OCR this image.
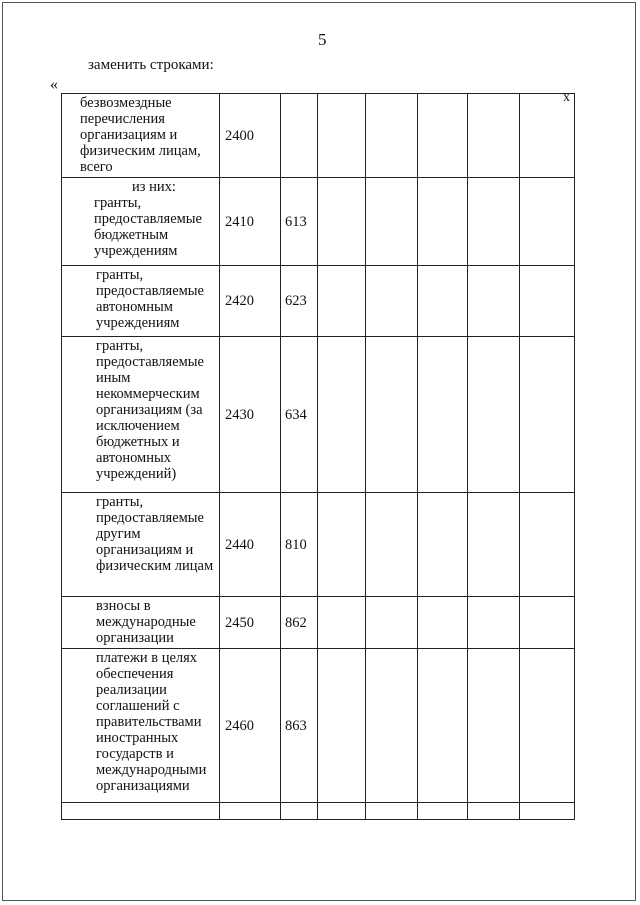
5
заменить строками:
«
x
безвозмездные перечисления организациям и физическим лицам, всего	2400						

из них:
гранты, предоставляемые бюджетным учреждениям	2410	613					
гранты, предоставляемые автономным учреждениям	2420	623					
гранты, предоставляемые иным некоммерческим организациям (за исключением бюджетных и автономных учреждений)	2430	634					
гранты, предоставляемые другим организациям и физическим лицам	2440	810					
взносы в международные организации	2450	862					
платежи в целях обеспечения реализации соглашений с правительствами иностранных государств и международными организациями	2460	863					
